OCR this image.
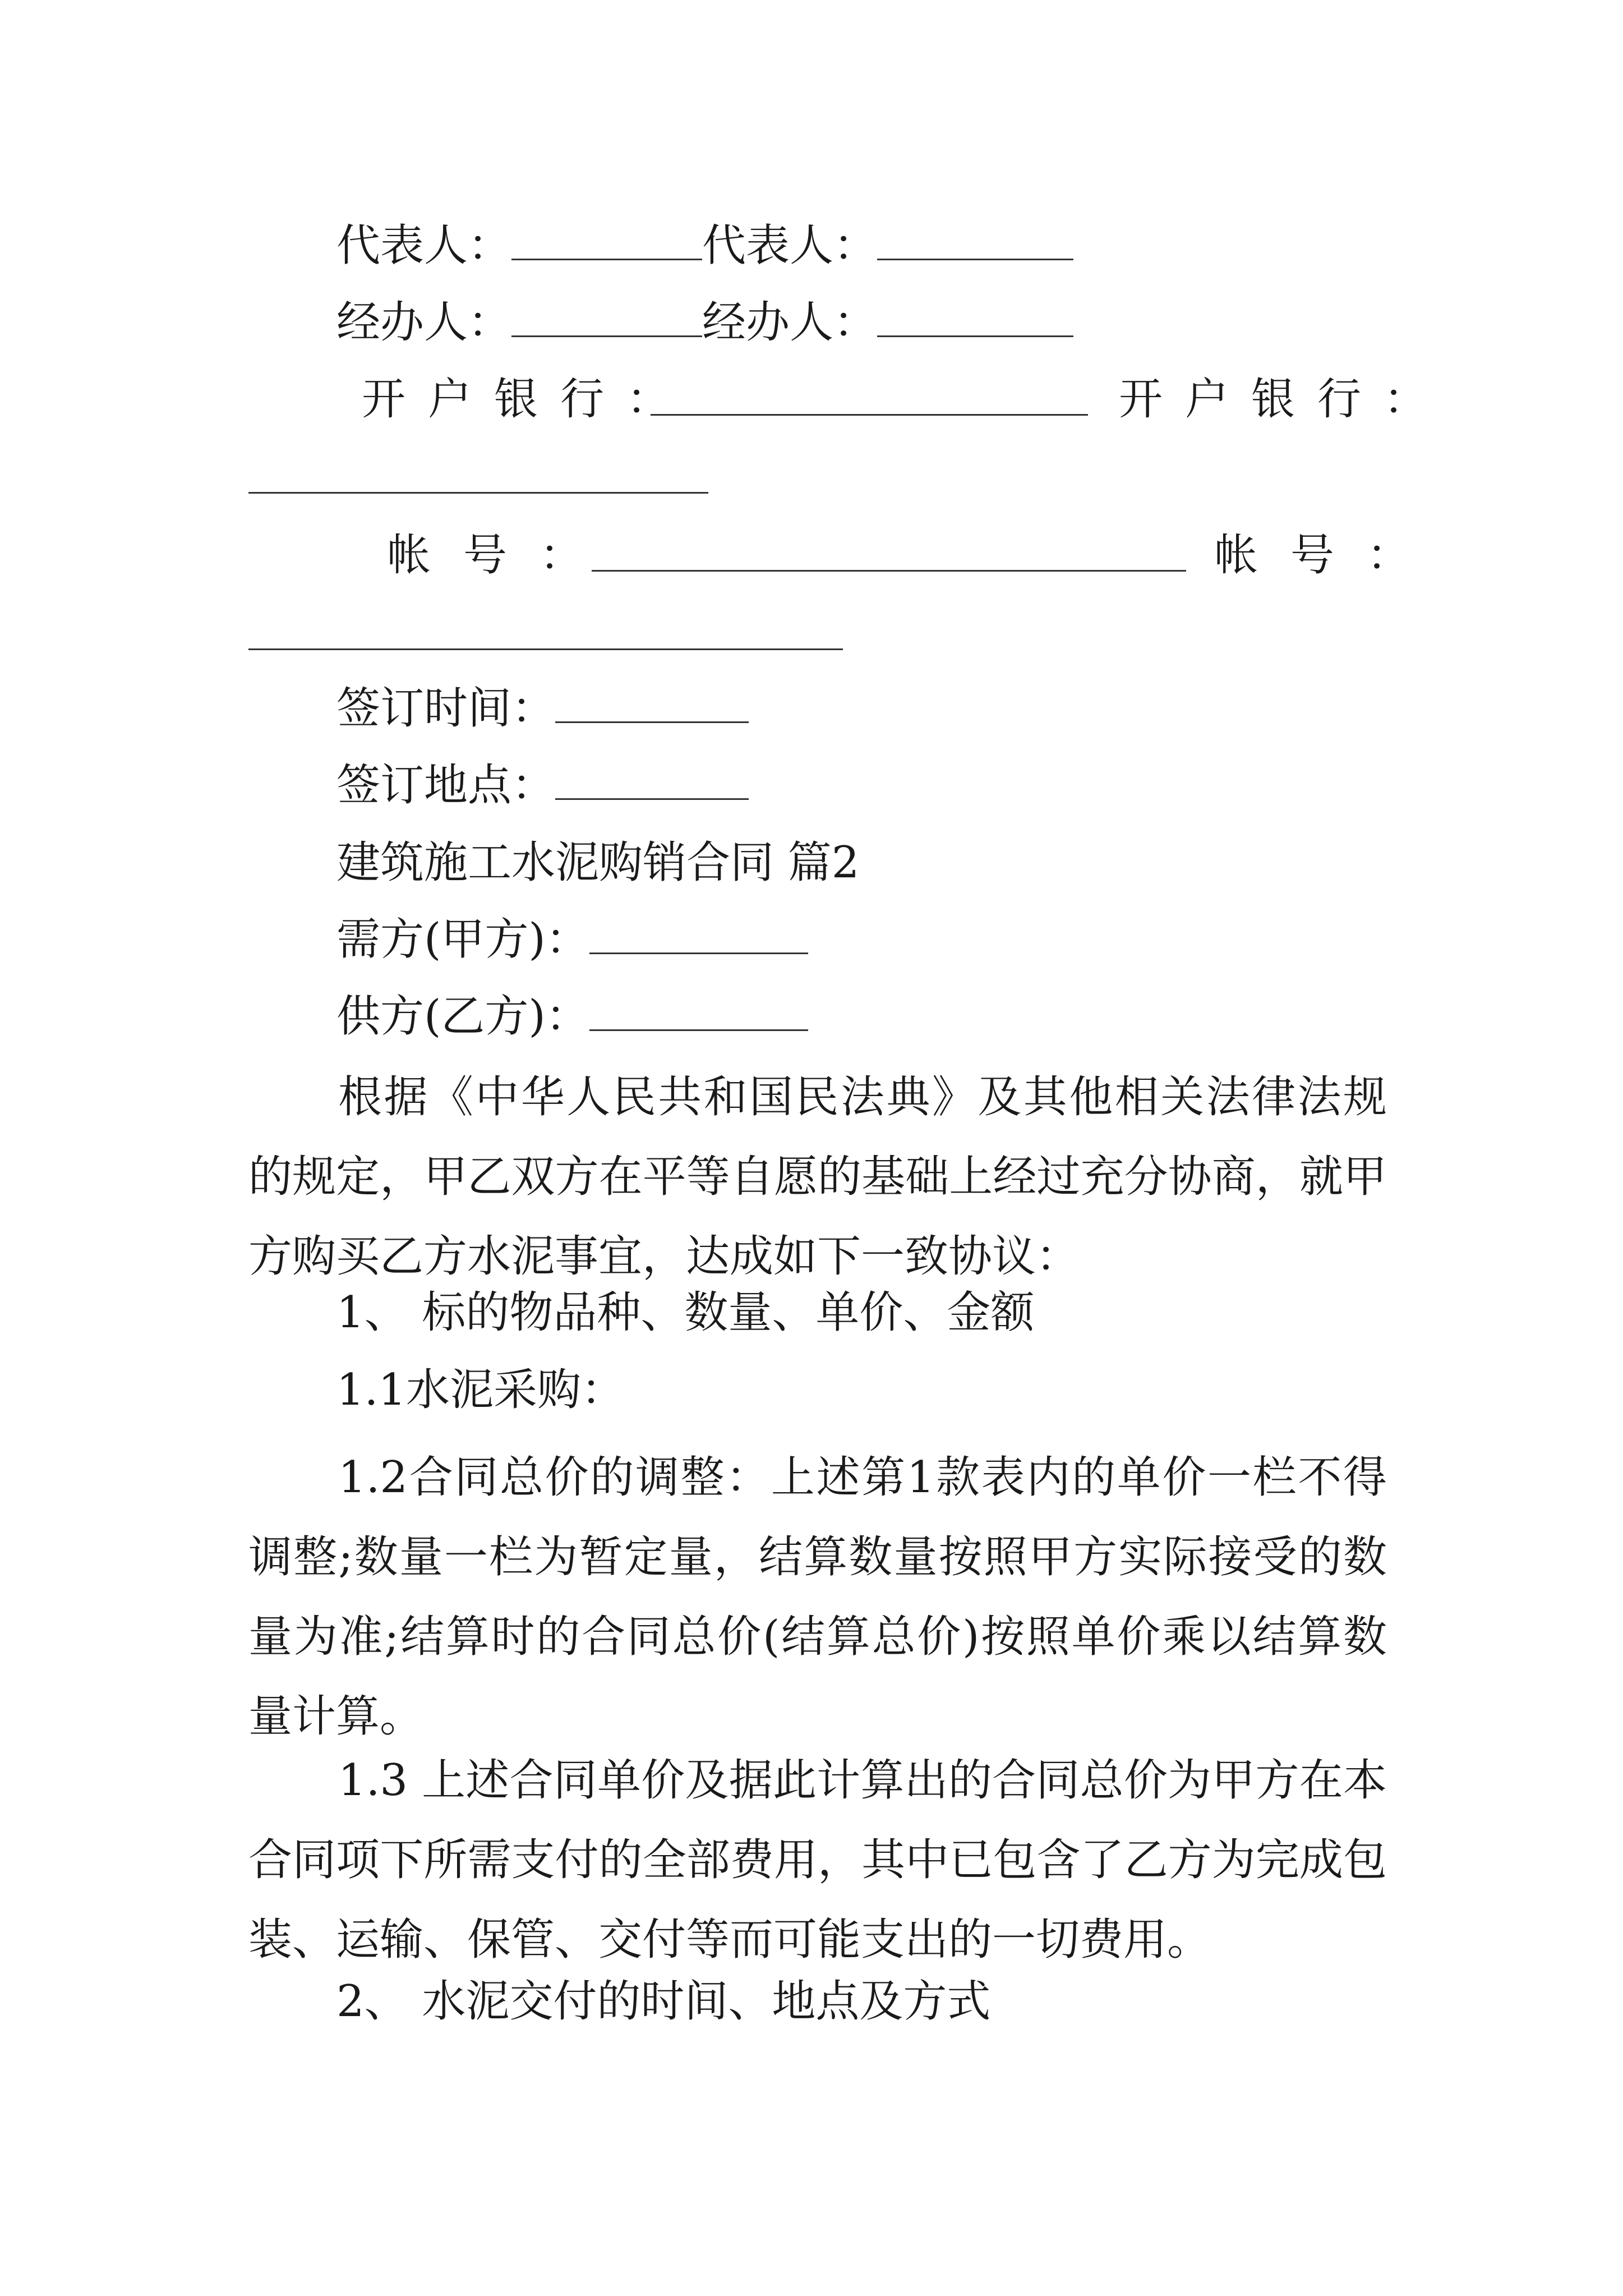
代表人：	代表人：
经办人：	经办人：
开户银行：	开户银行：
帐号：	帐号：
签订时间：
签订地点：
建筑施工水泥购销合同 篇2
需方(甲方)：
供方(乙方)：
根据《中华人民共和国民法典》及其他相关法律法规的规定，甲乙双方在平等自愿的基础上经过充分协商，就甲方购买乙方水泥事宜，达成如下一致协议：
1、 标的物品种、数量、单价、金额
1.1水泥采购：
1.2合同总价的调整：上述第1款表内的单价一栏不得调整;数量一栏为暂定量，结算数量按照甲方实际接受的数量为准;结算时的合同总价(结算总价)按照单价乘以结算数量计算。
1.3 上述合同单价及据此计算出的合同总价为甲方在本合同项下所需支付的全部费用，其中已包含了乙方为完成包装、运输、保管、交付等而可能支出的一切费用。
2、 水泥交付的时间、地点及方式
